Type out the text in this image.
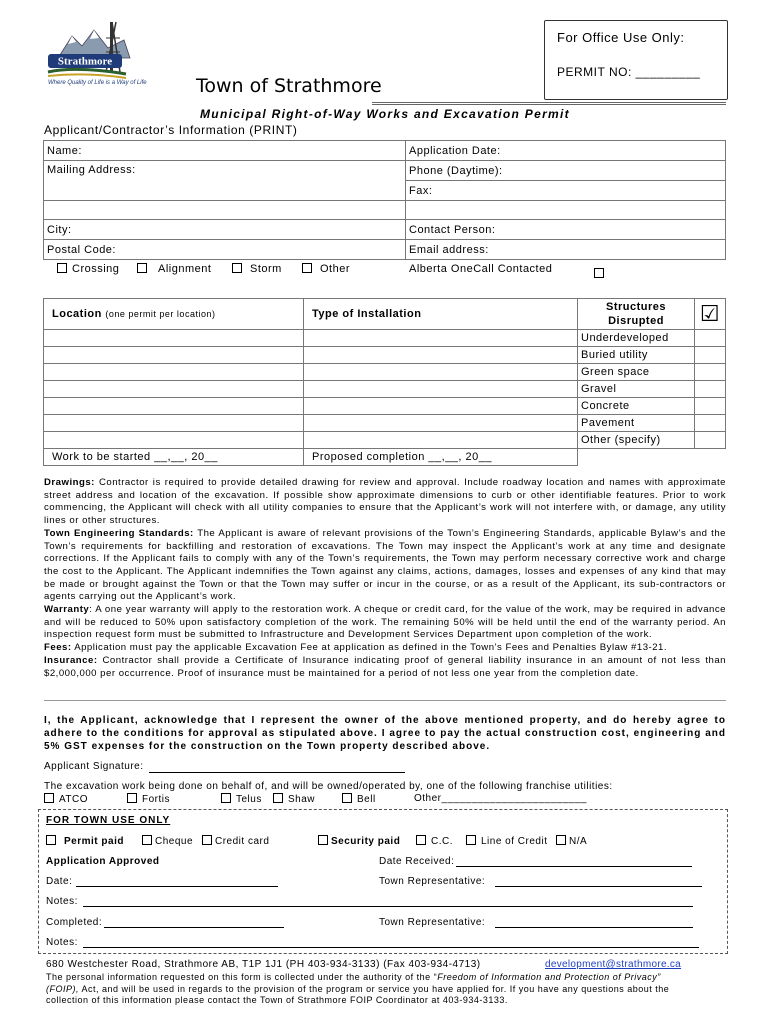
Strathmore
Where Quality of Life is a Way of Life	Town of Strathmore
For Office Use Only:
PERMIT NO: _________
Municipal Right-of-Way Works and Excavation Permit
Applicant/Contractor’s Information (PRINT)
Name:	Application Date:
Mailing Address:	Phone (Daytime):
	Fax:

City:	Contact Person:
Postal Code:	Email address:
Crossing	Alignment	Storm	Other	Alberta OneCall Contacted
Location (one permit per location)	Type of Installation	Structures Disrupted	☑
		Underdeveloped	
		Buried utility	
		Green space	
		Gravel	
		Concrete	
		Pavement	
		Other (specify)	
Work to be started __,__, 20__	Proposed completion __,__, 20__		
Drawings: Contractor is required to provide detailed drawing for review and approval. Include roadway location and names with approximate street address and location of the excavation. If possible show approximate dimensions to curb or other identifiable features. Prior to work commencing, the Applicant will check with all utility companies to ensure that the Applicant’s work will not interfere with, or damage, any utility lines or other structures.
Town Engineering Standards: The Applicant is aware of relevant provisions of the Town’s Engineering Standards, applicable Bylaw’s and the Town’s requirements for backfilling and restoration of excavations. The Town may inspect the Applicant’s work at any time and designate corrections. If the Applicant fails to comply with any of the Town’s requirements, the Town may perform necessary corrective work and charge the cost to the Applicant. The Applicant indemnifies the Town against any claims, actions, damages, losses and expenses of any kind that may be made or brought against the Town or that the Town may suffer or incur in the course, or as a result of the Applicant, its sub-contractors or agents carrying out the Applicant’s work.
Warranty: A one year warranty will apply to the restoration work. A cheque or credit card, for the value of the work, may be required in advance and will be reduced to 50% upon satisfactory completion of the work. The remaining 50% will be held until the end of the warranty period. An inspection request form must be submitted to Infrastructure and Development Services Department upon completion of the work.
Fees: Application must pay the applicable Excavation Fee at application as defined in the Town’s Fees and Penalties Bylaw #13-21.
Insurance: Contractor shall provide a Certificate of Insurance indicating proof of general liability insurance in an amount of not less than $2,000,000 per occurrence. Proof of insurance must be maintained for a period of not less one year from the completion date.
I, the Applicant, acknowledge that I represent the owner of the above mentioned property, and do hereby agree to adhere to the conditions for approval as stipulated above. I agree to pay the actual construction cost, engineering and 5% GST expenses for the construction on the Town property described above.
Applicant Signature:
The excavation work being done on behalf of, and will be owned/operated by, one of the following franchise utilities:
ATCO	Fortis	Telus	Shaw	Bell	Other________________________
FOR TOWN USE ONLY
Permit paid	Cheque	Credit card	Security paid	C.C.	Line of Credit	N/A
Application Approved	Date Received:
Date:	Town Representative:
Notes:
Completed:	Town Representative:
Notes:
680 Westchester Road, Strathmore AB, T1P 1J1 (PH 403-934-3133) (Fax 403-934-4713)	development@strathmore.ca
The personal information requested on this form is collected under the authority of the “Freedom of Information and Protection of Privacy” (FOIP), Act, and will be used in regards to the provision of the program or service you have applied for. If you have any questions about the collection of this information please contact the Town of Strathmore FOIP Coordinator at 403-934-3133.
